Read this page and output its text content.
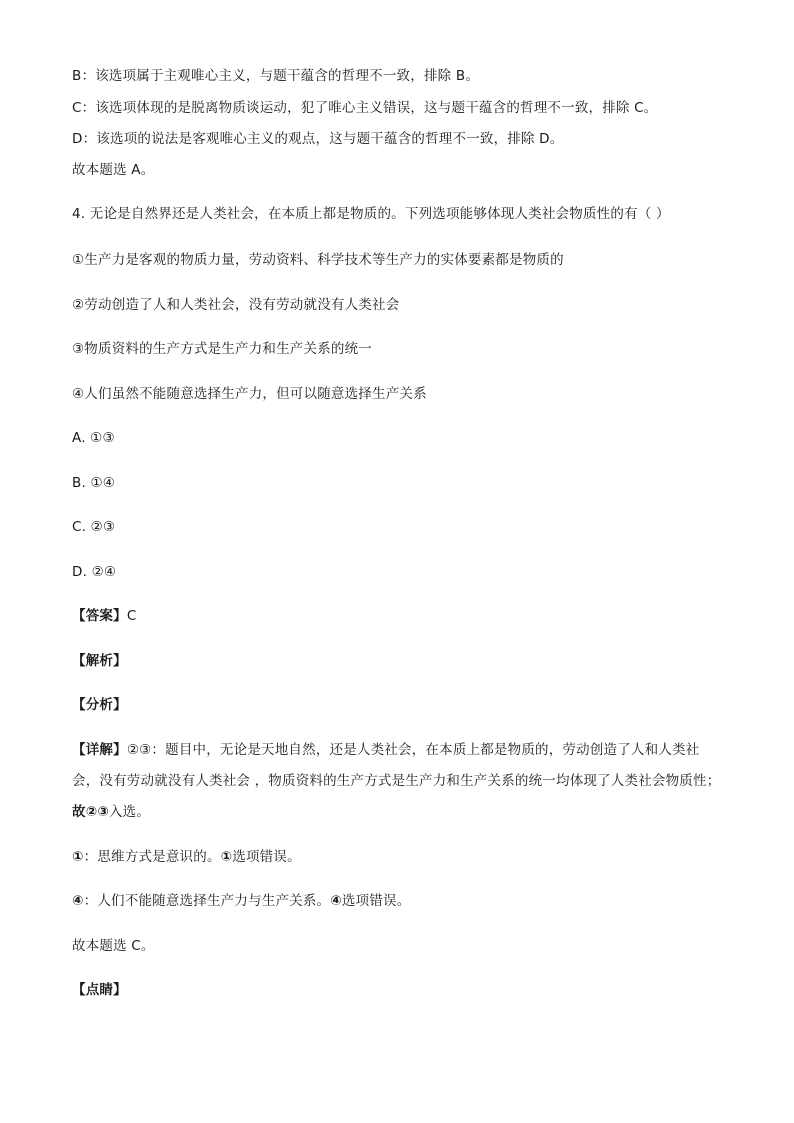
B：该选项属于主观唯心主义，与题干蕴含的哲理不一致，排除 B。
C：该选项体现的是脱离物质谈运动，犯了唯心主义错误，这与题干蕴含的哲理不一致，排除 C。
D：该选项的说法是客观唯心主义的观点，这与题干蕴含的哲理不一致，排除 D。
故本题选 A。
4. 无论是自然界还是人类社会，在本质上都是物质的。下列选项能够体现人类社会物质性的有（ ）
①生产力是客观的物质力量，劳动资料、科学技术等生产力的实体要素都是物质的
②劳动创造了人和人类社会，没有劳动就没有人类社会
③物质资料的生产方式是生产力和生产关系的统一
④人们虽然不能随意选择生产力，但可以随意选择生产关系
A. ①③
B. ①④
C. ②③
D. ②④
【答案】C
【解析】
【分析】
【详解】②③：题目中，无论是天地自然，还是人类社会，在本质上都是物质的，劳动创造了人和人类社
会，没有劳动就没有人类社会 ，物质资料的生产方式是生产力和生产关系的统一均体现了人类社会物质性；
故②③入选。
①：思维方式是意识的。①选项错误。
④：人们不能随意选择生产力与生产关系。④选项错误。
故本题选 C。
【点睛】
